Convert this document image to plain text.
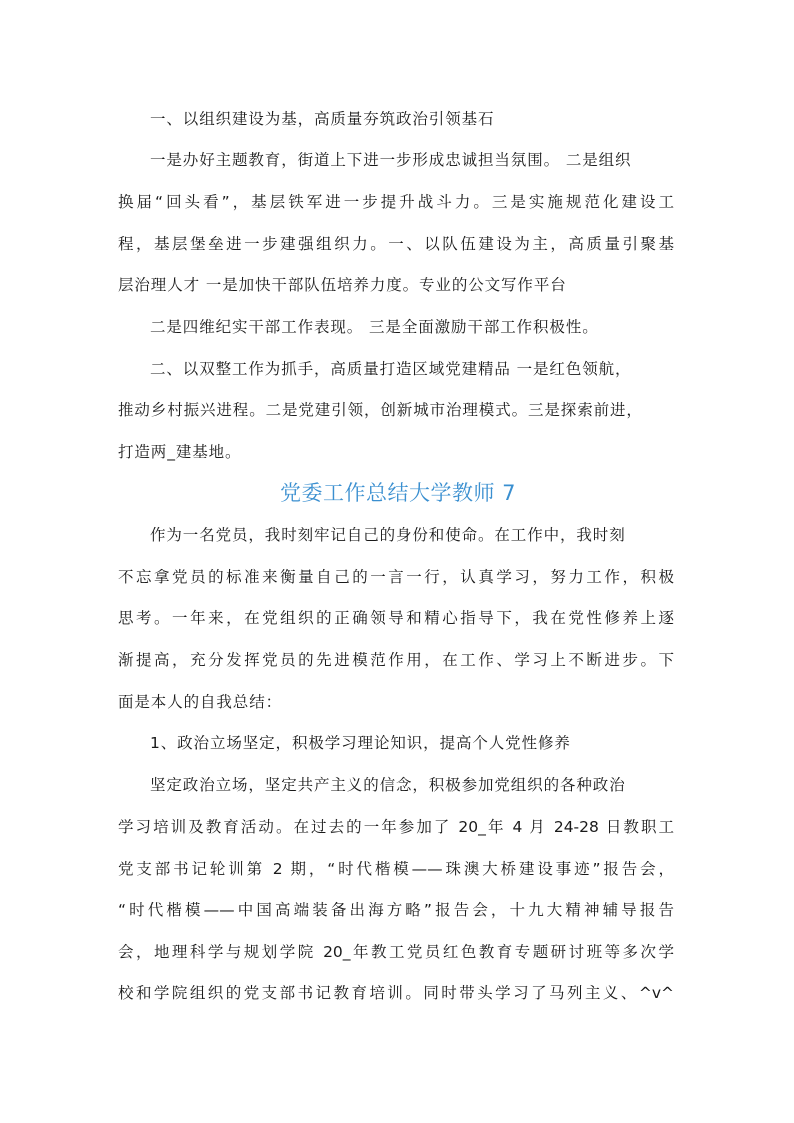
一、以组织建设为基，高质量夯筑政治引领基石
一是办好主题教育，街道上下进一步形成忠诚担当氛围。 二是组织
换届“回头看”，基层铁军进一步提升战斗力。三是实施规范化建设工
程，基层堡垒进一步建强组织力。一、以队伍建设为主，高质量引聚基
层治理人才 一是加快干部队伍培养力度。专业的公文写作平台
二是四维纪实干部工作表现。 三是全面激励干部工作积极性。
二、以双整工作为抓手，高质量打造区域党建精品 一是红色领航，
推动乡村振兴进程。二是党建引领，创新城市治理模式。三是探索前进，
打造两_建基地。
党委工作总结大学教师 7
作为一名党员，我时刻牢记自己的身份和使命。在工作中，我时刻
不忘拿党员的标准来衡量自己的一言一行，认真学习，努力工作，积极
思考。一年来，在党组织的正确领导和精心指导下，我在党性修养上逐
渐提高，充分发挥党员的先进模范作用，在工作、学习上不断进步。下
面是本人的自我总结：
1、政治立场坚定，积极学习理论知识，提高个人党性修养
坚定政治立场，坚定共产主义的信念，积极参加党组织的各种政治
学习培训及教育活动。在过去的一年参加了 20_年 4 月 24-28 日教职工
党支部书记轮训第 2 期，“时代楷模——珠澳大桥建设事迹”报告会，
“时代楷模——中国高端装备出海方略”报告会，十九大精神辅导报告
会，地理科学与规划学院 20_年教工党员红色教育专题研讨班等多次学
校和学院组织的党支部书记教育培训。同时带头学习了马列主义、^v^
